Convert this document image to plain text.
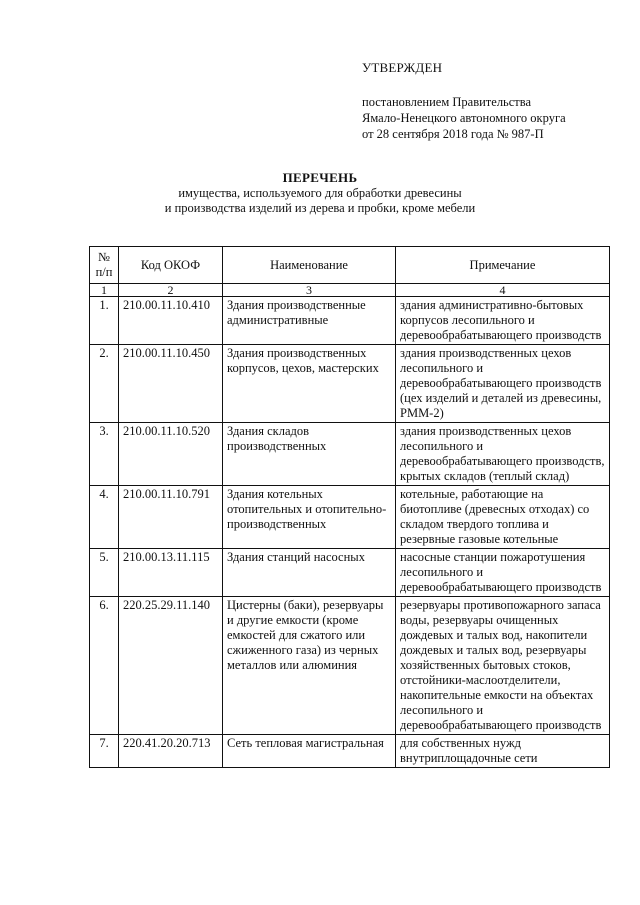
УТВЕРЖДЕН
постановлением Правительства
Ямало-Ненецкого автономного округа
от 28 сентября 2018 года № 987-П
ПЕРЕЧЕНЬ
имущества, используемого для обработки древесины
и производства изделий из дерева и пробки, кроме мебели
№
п/п	Код ОКОФ	Наименование	Примечание
1	2	3	4
1.	210.00.11.10.410	Здания производственные административные	здания административно-бытовых корпусов лесопильного и деревообрабатывающего производств
2.	210.00.11.10.450	Здания производственных корпусов, цехов, мастерских	здания производственных цехов лесопильного и деревообрабатывающего производств (цех изделий и деталей из древесины, РММ-2)
3.	210.00.11.10.520	Здания складов производственных	здания производственных цехов лесопильного и деревообрабатывающего производств, крытых складов (теплый склад)
4.	210.00.11.10.791	Здания котельных отопительных и отопительно-производственных	котельные, работающие на биотопливе (древесных отходах) со складом твердого топлива и резервные газовые котельные
5.	210.00.13.11.115	Здания станций насосных	насосные станции пожаротушения лесопильного и деревообрабатывающего производств
6.	220.25.29.11.140	Цистерны (баки), резервуары и другие емкости (кроме емкостей для сжатого или сжиженного газа) из черных металлов или алюминия	резервуары противопожарного запаса воды, резервуары очищенных дождевых и талых вод, накопители дождевых и талых вод, резервуары хозяйственных бытовых стоков, отстойники-маслоотделители, накопительные емкости на объектах лесопильного и деревообрабатывающего производств
7.	220.41.20.20.713	Сеть тепловая магистральная	для собственных нужд внутриплощадочные сети
